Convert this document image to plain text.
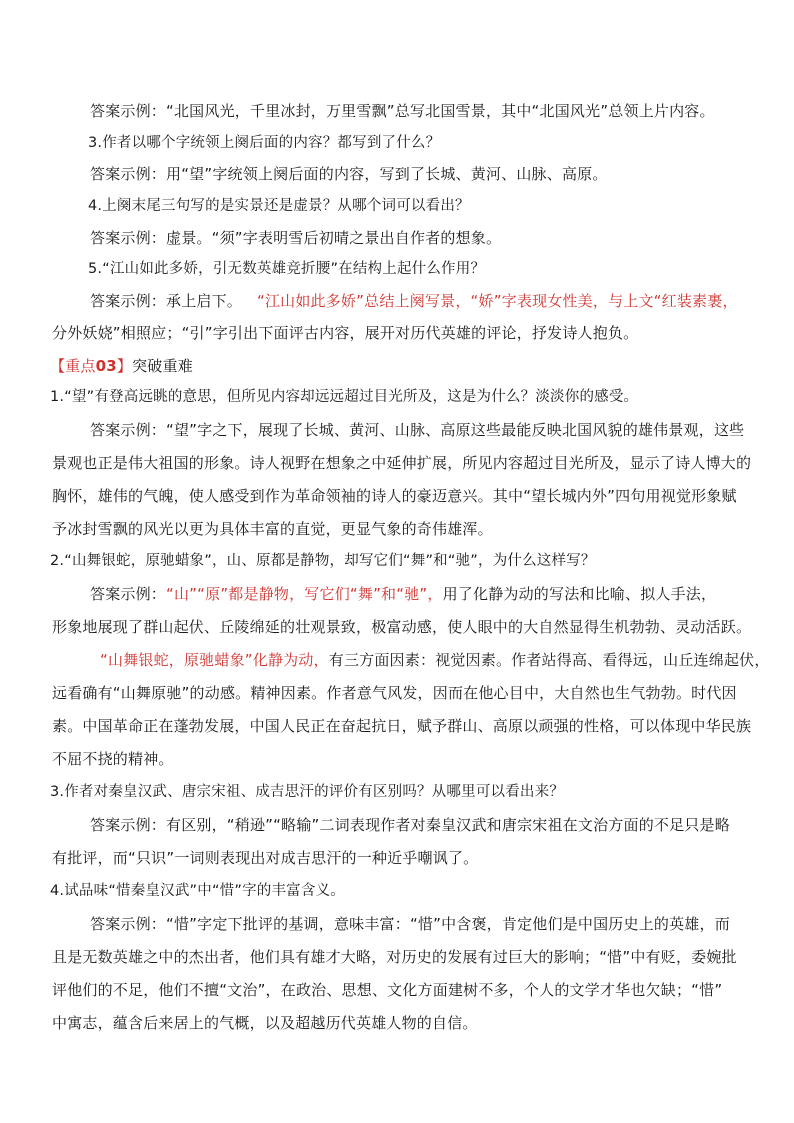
答案示例：“北国风光，千里冰封，万里雪飘”总写北国雪景，其中“北国风光”总领上片内容。
3.作者以哪个字统领上阕后面的内容？都写到了什么？
答案示例：用“望”字统领上阕后面的内容，写到了长城、黄河、山脉、高原。
4.上阕末尾三句写的是实景还是虚景？从哪个词可以看出？
答案示例：虚景。“须”字表明雪后初晴之景出自作者的想象。
5.“江山如此多娇，引无数英雄竞折腰”在结构上起什么作用？
答案示例：承上启下。 “江山如此多娇”总结上阕写景，“娇”字表现女性美，与上文“红装素裹，
分外妖娆”相照应；“引”字引出下面评古内容，展开对历代英雄的评论，抒发诗人抱负。
【重点03】突破重难
1.“望”有登高远眺的意思，但所见内容却远远超过目光所及，这是为什么？淡淡你的感受。
答案示例：“望”字之下，展现了长城、黄河、山脉、高原这些最能反映北国风貌的雄伟景观，这些
景观也正是伟大祖国的形象。诗人视野在想象之中延伸扩展，所见内容超过目光所及，显示了诗人博大的
胸怀，雄伟的气魄，使人感受到作为革命领袖的诗人的豪迈意兴。其中“望长城内外”四句用视觉形象赋
予冰封雪飘的风光以更为具体丰富的直觉，更显气象的奇伟雄浑。
2.“山舞银蛇，原驰蜡象”，山、原都是静物，却写它们“舞”和“驰”，为什么这样写？
答案示例：“山”“原”都是静物，写它们“舞”和“驰”，用了化静为动的写法和比喻、拟人手法，
形象地展现了群山起伏、丘陵绵延的壮观景致，极富动感，使人眼中的大自然显得生机勃勃、灵动活跃。
“山舞银蛇，原驰蜡象”化静为动，有三方面因素：视觉因素。作者站得高、看得远，山丘连绵起伏，
远看确有“山舞原驰”的动感。精神因素。作者意气风发，因而在他心目中，大自然也生气勃勃。时代因
素。中国革命正在蓬勃发展，中国人民正在奋起抗日，赋予群山、高原以顽强的性格，可以体现中华民族
不屈不挠的精神。
3.作者对秦皇汉武、唐宗宋祖、成吉思汗的评价有区别吗？从哪里可以看出来？
答案示例：有区别，“稍逊”“略输”二词表现作者对秦皇汉武和唐宗宋祖在文治方面的不足只是略
有批评，而“只识”一词则表现出对成吉思汗的一种近乎嘲讽了。
4.试品味“惜秦皇汉武”中“惜”字的丰富含义。
答案示例：“惜”字定下批评的基调，意味丰富：“惜”中含褒，肯定他们是中国历史上的英雄，而
且是无数英雄之中的杰出者，他们具有雄才大略，对历史的发展有过巨大的影响；“惜”中有贬，委婉批
评他们的不足，他们不擅“文治”，在政治、思想、文化方面建树不多，个人的文学才华也欠缺；“惜”
中寓志，蕴含后来居上的气概，以及超越历代英雄人物的自信。
